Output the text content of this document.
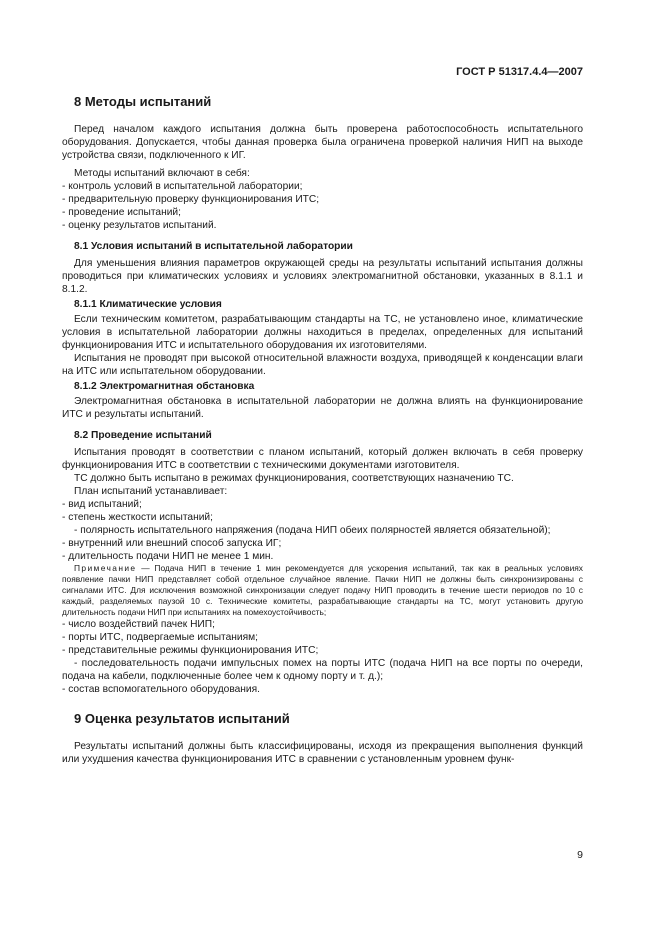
ГОСТ Р 51317.4.4—2007
8 Методы испытаний

Перед началом каждого испытания должна быть проверена работоспособность испытательного оборудования. Допускается, чтобы данная проверка была ограничена проверкой наличия НИП на выходе устройства связи, подключенного к ИГ.

Методы испытаний включают в себя:

- контроль условий в испытательной лаборатории;

- предварительную проверку функционирования ИТС;

- проведение испытаний;

- оценку результатов испытаний.

8.1 Условия испытаний в испытательной лаборатории

Для уменьшения влияния параметров окружающей среды на результаты испытаний испытания должны проводиться при климатических условиях и условиях электромагнитной обстановки, указанных в 8.1.1 и 8.1.2.

8.1.1 Климатические условия

Если техническим комитетом, разрабатывающим стандарты на ТС, не установлено иное, климатические условия в испытательной лаборатории должны находиться в пределах, определенных для испытаний функционирования ИТС и испытательного оборудования их изготовителями.

Испытания не проводят при высокой относительной влажности воздуха, приводящей к конденсации влаги на ИТС или испытательном оборудовании.

8.1.2 Электромагнитная обстановка

Электромагнитная обстановка в испытательной лаборатории не должна влиять на функционирование ИТС и результаты испытаний.

8.2 Проведение испытаний

Испытания проводят в соответствии с планом испытаний, который должен включать в себя проверку функционирования ИТС в соответствии с техническими документами изготовителя.

ТС должно быть испытано в режимах функционирования, соответствующих назначению ТС.

План испытаний устанавливает:

- вид испытаний;

- степень жесткости испытаний;

- полярность испытательного напряжения (подача НИП обеих полярностей является обязательной);

- внутренний или внешний способ запуска ИГ;

- длительность подачи НИП не менее 1 мин.

Примечание — Подача НИП в течение 1 мин рекомендуется для ускорения испытаний, так как в реальных условиях появление пачки НИП представляет собой отдельное случайное явление. Пачки НИП не должны быть синхронизированы с сигналами ИТС. Для исключения возможной синхронизации следует подачу НИП проводить в течение шести периодов по 10 с каждый, разделяемых паузой 10 с. Технические комитеты, разрабатывающие стандарты на ТС, могут установить другую длительность подачи НИП при испытаниях на помехоустойчивость;

- число воздействий пачек НИП;

- порты ИТС, подвергаемые испытаниям;

- представительные режимы функционирования ИТС;

- последовательность подачи импульсных помех на порты ИТС (подача НИП на все порты по очереди, подача на кабели, подключенные более чем к одному порту и т. д.);

- состав вспомогательного оборудования.

9 Оценка результатов испытаний

Результаты испытаний должны быть классифицированы, исходя из прекращения выполнения функций или ухудшения качества функционирования ИТС в сравнении с установленным уровнем функ-

9
